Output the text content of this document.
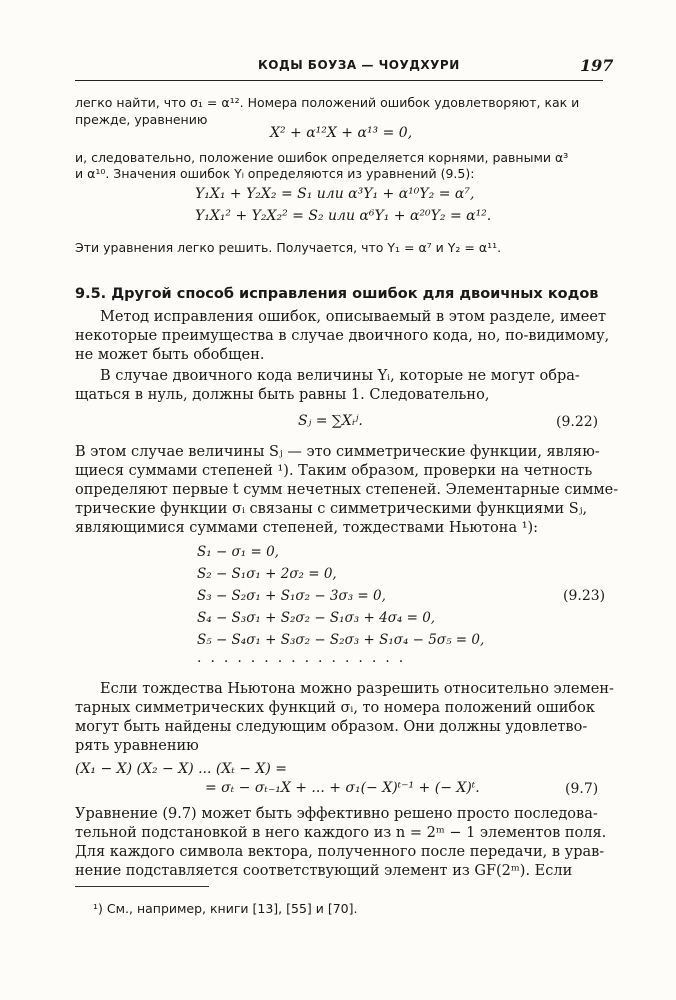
КОДЫ БОУЗА — ЧОУДХУРИ	197
легко найти, что σ₁ = α¹². Номера положений ошибок удовлетворяют, как и
прежде, уравнению
X² + α¹²X + α¹³ = 0,
и, следовательно, положение ошибок определяется корнями, равными α³
и α¹⁰. Значения ошибок Yₗ определяются из уравнений (9.5):
Y₁X₁ + Y₂X₂ = S₁ или α³Y₁ + α¹⁰Y₂ = α⁷,
Y₁X₁² + Y₂X₂² = S₂ или α⁶Y₁ + α²⁰Y₂ = α¹².
Эти уравнения легко решить. Получается, что Y₁ = α⁷ и Y₂ = α¹¹.
9.5. Другой способ исправления ошибок для двоичных кодов
Метод исправления ошибок, описываемый в этом разделе, имеет
некоторые преимущества в случае двоичного кода, но, по-видимому,
не может быть обобщен.
В случае двоичного кода величины Yᵢ, которые не могут обра-
щаться в нуль, должны быть равны 1. Следовательно,
Sⱼ = ∑Xᵢʲ.	(9.22)
В этом случае величины Sⱼ — это симметрические функции, являю-
щиеся суммами степеней ¹). Таким образом, проверки на четность
определяют первые t сумм нечетных степеней. Элементарные симме-
трические функции σᵢ связаны с симметрическими функциями Sⱼ,
являющимися суммами степеней, тождествами Ньютона ¹):
S₁ − σ₁ = 0,
S₂ − S₁σ₁ + 2σ₂ = 0,
S₃ − S₂σ₁ + S₁σ₂ − 3σ₃ = 0,	(9.23)
S₄ − S₃σ₁ + S₂σ₂ − S₁σ₃ + 4σ₄ = 0,
S₅ − S₄σ₁ + S₃σ₂ − S₂σ₃ + S₁σ₄ − 5σ₅ = 0,
................
Если тождества Ньютона можно разрешить относительно элемен-
тарных симметрических функций σᵢ, то номера положений ошибок
могут быть найдены следующим образом. Они должны удовлетво-
рять уравнению
(X₁ − X) (X₂ − X) ... (Xₜ − X) =
= σₜ − σₜ₋₁X + ... + σ₁(− X)ᵗ⁻¹ + (− X)ᵗ.	(9.7)
Уравнение (9.7) может быть эффективно решено просто последова-
тельной подстановкой в него каждого из n = 2ᵐ − 1 элементов поля.
Для каждого символа вектора, полученного после передачи, в урав-
нение подставляется соответствующий элемент из GF(2ᵐ). Если
¹) См., например, книги [13], [55] и [70].
